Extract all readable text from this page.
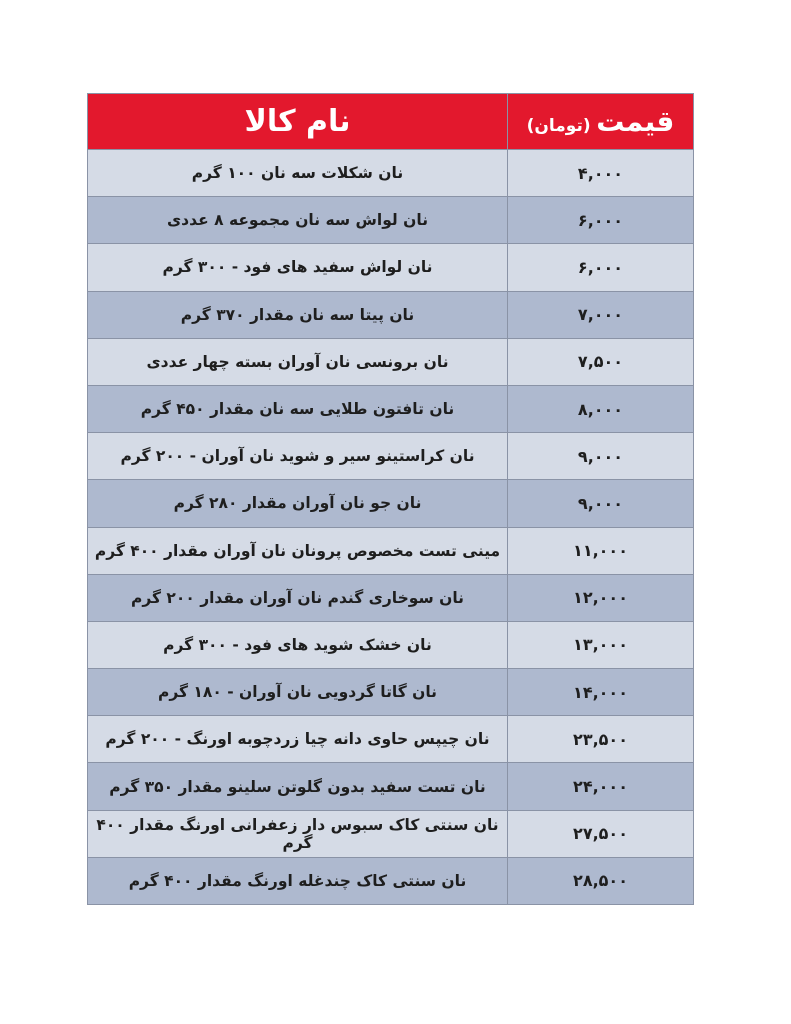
قیمت (تومان)	نام کالا
۴,۰۰۰	نان شکلات سه نان ۱۰۰ گرم
۶,۰۰۰	نان لواش سه نان مجموعه ۸ عددی
۶,۰۰۰	نان لواش سفید های فود - ۳۰۰ گرم
۷,۰۰۰	نان پیتا سه نان مقدار ۳۷۰ گرم
۷,۵۰۰	نان برونسی نان آوران بسته چهار عددی
۸,۰۰۰	نان تافتون طلایی سه نان مقدار ۴۵۰ گرم
۹,۰۰۰	نان کراستینو سیر و شوید نان آوران - ۲۰۰ گرم
۹,۰۰۰	نان جو نان آوران مقدار ۲۸۰ گرم
۱۱,۰۰۰	مینی تست مخصوص پرونان نان آوران مقدار ۴۰۰ گرم
۱۲,۰۰۰	نان سوخاری گندم نان آوران مقدار ۲۰۰ گرم
۱۳,۰۰۰	نان خشک شوید های فود - ۳۰۰ گرم
۱۴,۰۰۰	نان گاتا گردویی نان آوران - ۱۸۰ گرم
۲۳,۵۰۰	نان چیپس حاوی دانه چیا زردچوبه اورنگ - ۲۰۰ گرم
۲۴,۰۰۰	نان تست سفید بدون گلوتن سلینو مقدار ۳۵۰ گرم
۲۷,۵۰۰	نان سنتی کاک سبوس دار زعفرانی اورنگ مقدار ۴۰۰ گرم
۲۸,۵۰۰	نان سنتی کاک چندغله اورنگ مقدار ۴۰۰ گرم
